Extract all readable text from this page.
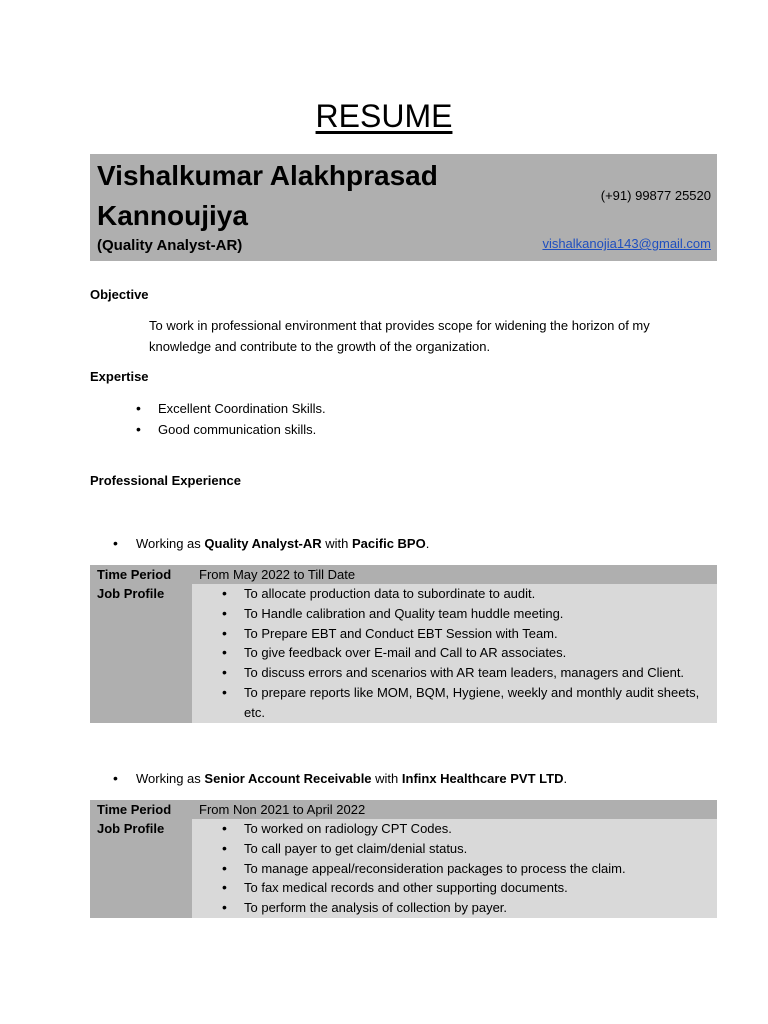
RESUME
Vishalkumar Alakhprasad Kannoujiya
(Quality Analyst-AR)
(+91) 99877 25520
vishalkanojia143@gmail.com
Objective
To work in professional environment that provides scope for widening the horizon of my knowledge and contribute to the growth of the organization.
Expertise
• Excellent Coordination Skills.
• Good communication skills.
Professional Experience
• Working as Quality Analyst-AR with Pacific BPO.
Time Period	From May 2022 to Till Date
Job Profile	• To allocate production data to subordinate to audit.
• To Handle calibration and Quality team huddle meeting.
• To Prepare EBT and Conduct EBT Session with Team.
• To give feedback over E-mail and Call to AR associates.
• To discuss errors and scenarios with AR team leaders, managers and Client.
• To prepare reports like MOM, BQM, Hygiene, weekly and monthly audit sheets, etc.
• Working as Senior Account Receivable with Infinx Healthcare PVT LTD.
Time Period	From Non 2021 to April 2022
Job Profile	• To worked on radiology CPT Codes.
• To call payer to get claim/denial status.
• To manage appeal/reconsideration packages to process the claim.
• To fax medical records and other supporting documents.
• To perform the analysis of collection by payer.
